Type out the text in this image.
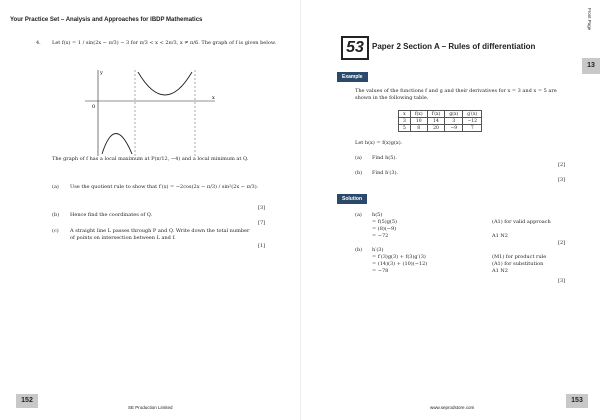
Your Practice Set – Analysis and Approaches for IBDP Mathematics
4. Let f(x) = 1 / sin(2x − π/3) − 3 for π/3 < x < 2π/3, x ≠ π/6. The graph of f is given below.
x
y
0
The graph of f has a local maximum at P(π/12, −4) and a local minimum at Q.
(a) Use the quotient rule to show that f′(x) = −2cos(2x − π/3) / sin²(2x − π/3).
[3]
(b) Hence find the coordinates of Q.
[7]
(c) A straight line L passes through P and Q. Write down the total number of points on intersection between L and f.
[1]
152
SE Production Limited
Front Page
13
53	Paper 2 Section A – Rules of differentiation
Example
The values of the functions f and g and their derivatives for x = 3 and x = 5 are shown in the following table.
x	f(x)	f′(x)	g(x)	g′(x)
3	10	14	3	−12
5	8	20	−9	7
Let h(x) = f(x)g(x).
(a) Find h(5).
[2]
(b) Find h′(3).
[3]
Solution
(a) h(5)
= f(5)g(5)
= (8)(−9)
= −72
(A1) for valid approach
A1 N2
[2]
(b) h′(3)
= f′(3)g(3) + f(3)g′(3)
= (14)(3) + (10)(−12)
= −78
(M1) for product rule
(A1) for substitution
A1 N2
[3]
153
www.seprodstore.com
